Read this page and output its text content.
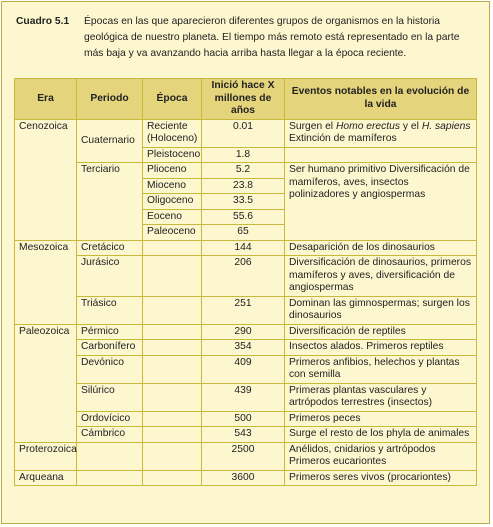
Cuadro 5.1 Épocas en las que aparecieron diferentes grupos de organismos en la historia geológica de nuestro planeta. El tiempo más remoto está representado en la parte más baja y va avanzando hacia arriba hasta llegar a la época reciente.
Era	Periodo	Época	Inició hace X millones de años	Eventos notables en la evolución de la vida
Cenozoica	Cuaternario	Reciente (Holoceno)	0.01	Surgen el Homo erectus y el H. sapiens Extinción de mamíferos
		Pleistoceno	1.8	
	Terciario	Plioceno	5.2	Ser humano primitivo Diversificación de mamíferos, aves, insectos polinizadores y angiospermas
		Mioceno	23.8	
		Oligoceno	33.5	
		Eoceno	55.6	
		Paleoceno	65	
Mesozoica	Cretácico		144	Desaparición de los dinosaurios
	Jurásico		206	Diversificación de dinosaurios, primeros mamíferos y aves, diversificación de angiospermas
	Triásico		251	Dominan las gimnospermas; surgen los dinosaurios
Paleozoica	Pérmico		290	Diversificación de reptiles
	Carbonífero		354	Insectos alados. Primeros reptiles
	Devónico		409	Primeros anfibios, helechos y plantas con semilla
	Silúrico		439	Primeras plantas vasculares y artrópodos terrestres (insectos)
	Ordovícico		500	Primeros peces
	Cámbrico		543	Surge el resto de los phyla de animales
Proterozoica			2500	Anélidos, cnidarios y artrópodos Primeros eucariontes
Arqueana			3600	Primeros seres vivos (procariontes)
